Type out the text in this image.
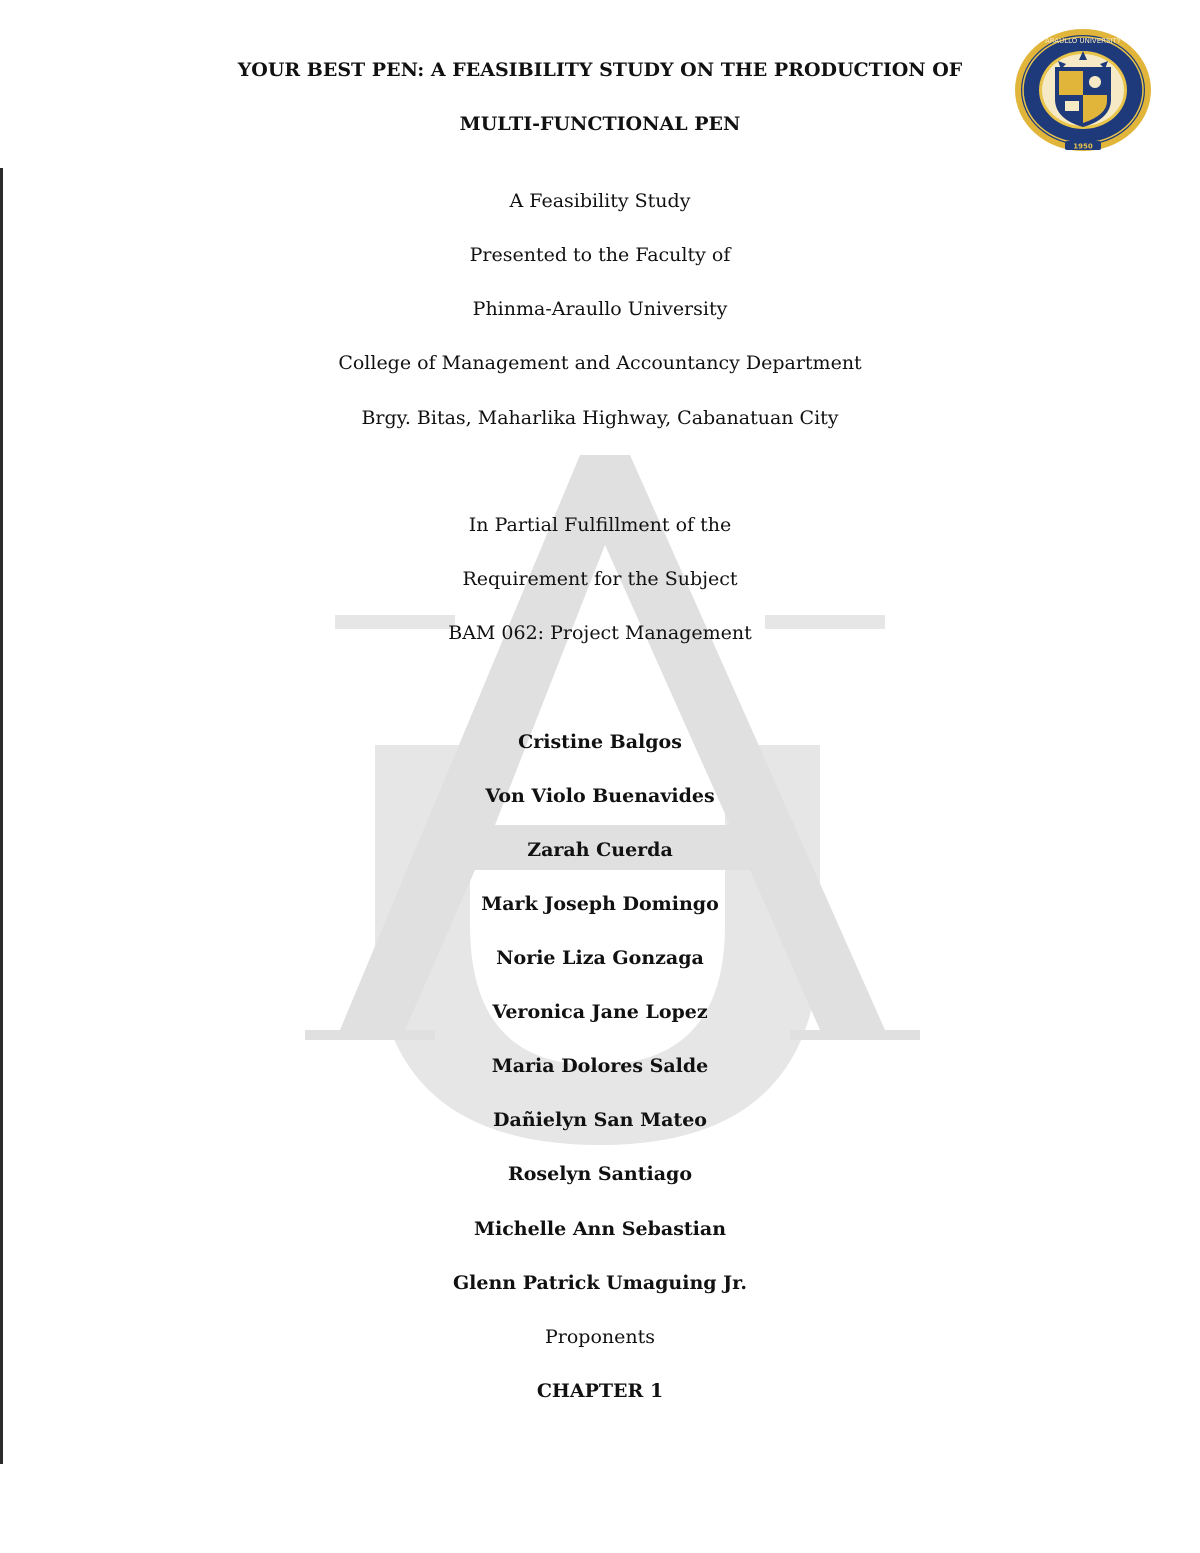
1950
ARAULLO UNIVERSITY
YOUR BEST PEN: A FEASIBILITY STUDY ON THE PRODUCTION OF
MULTI-FUNCTIONAL PEN
A Feasibility Study
Presented to the Faculty of
Phinma-Araullo University
College of Management and Accountancy Department
Brgy. Bitas, Maharlika Highway, Cabanatuan City
In Partial Fulfillment of the
Requirement for the Subject
BAM 062: Project Management
Cristine Balgos
Von Violo Buenavides
Zarah Cuerda
Mark Joseph Domingo
Norie Liza Gonzaga
Veronica Jane Lopez
Maria Dolores Salde
Dañielyn San Mateo
Roselyn Santiago
Michelle Ann Sebastian
Glenn Patrick Umaguing Jr.
Proponents
CHAPTER 1
